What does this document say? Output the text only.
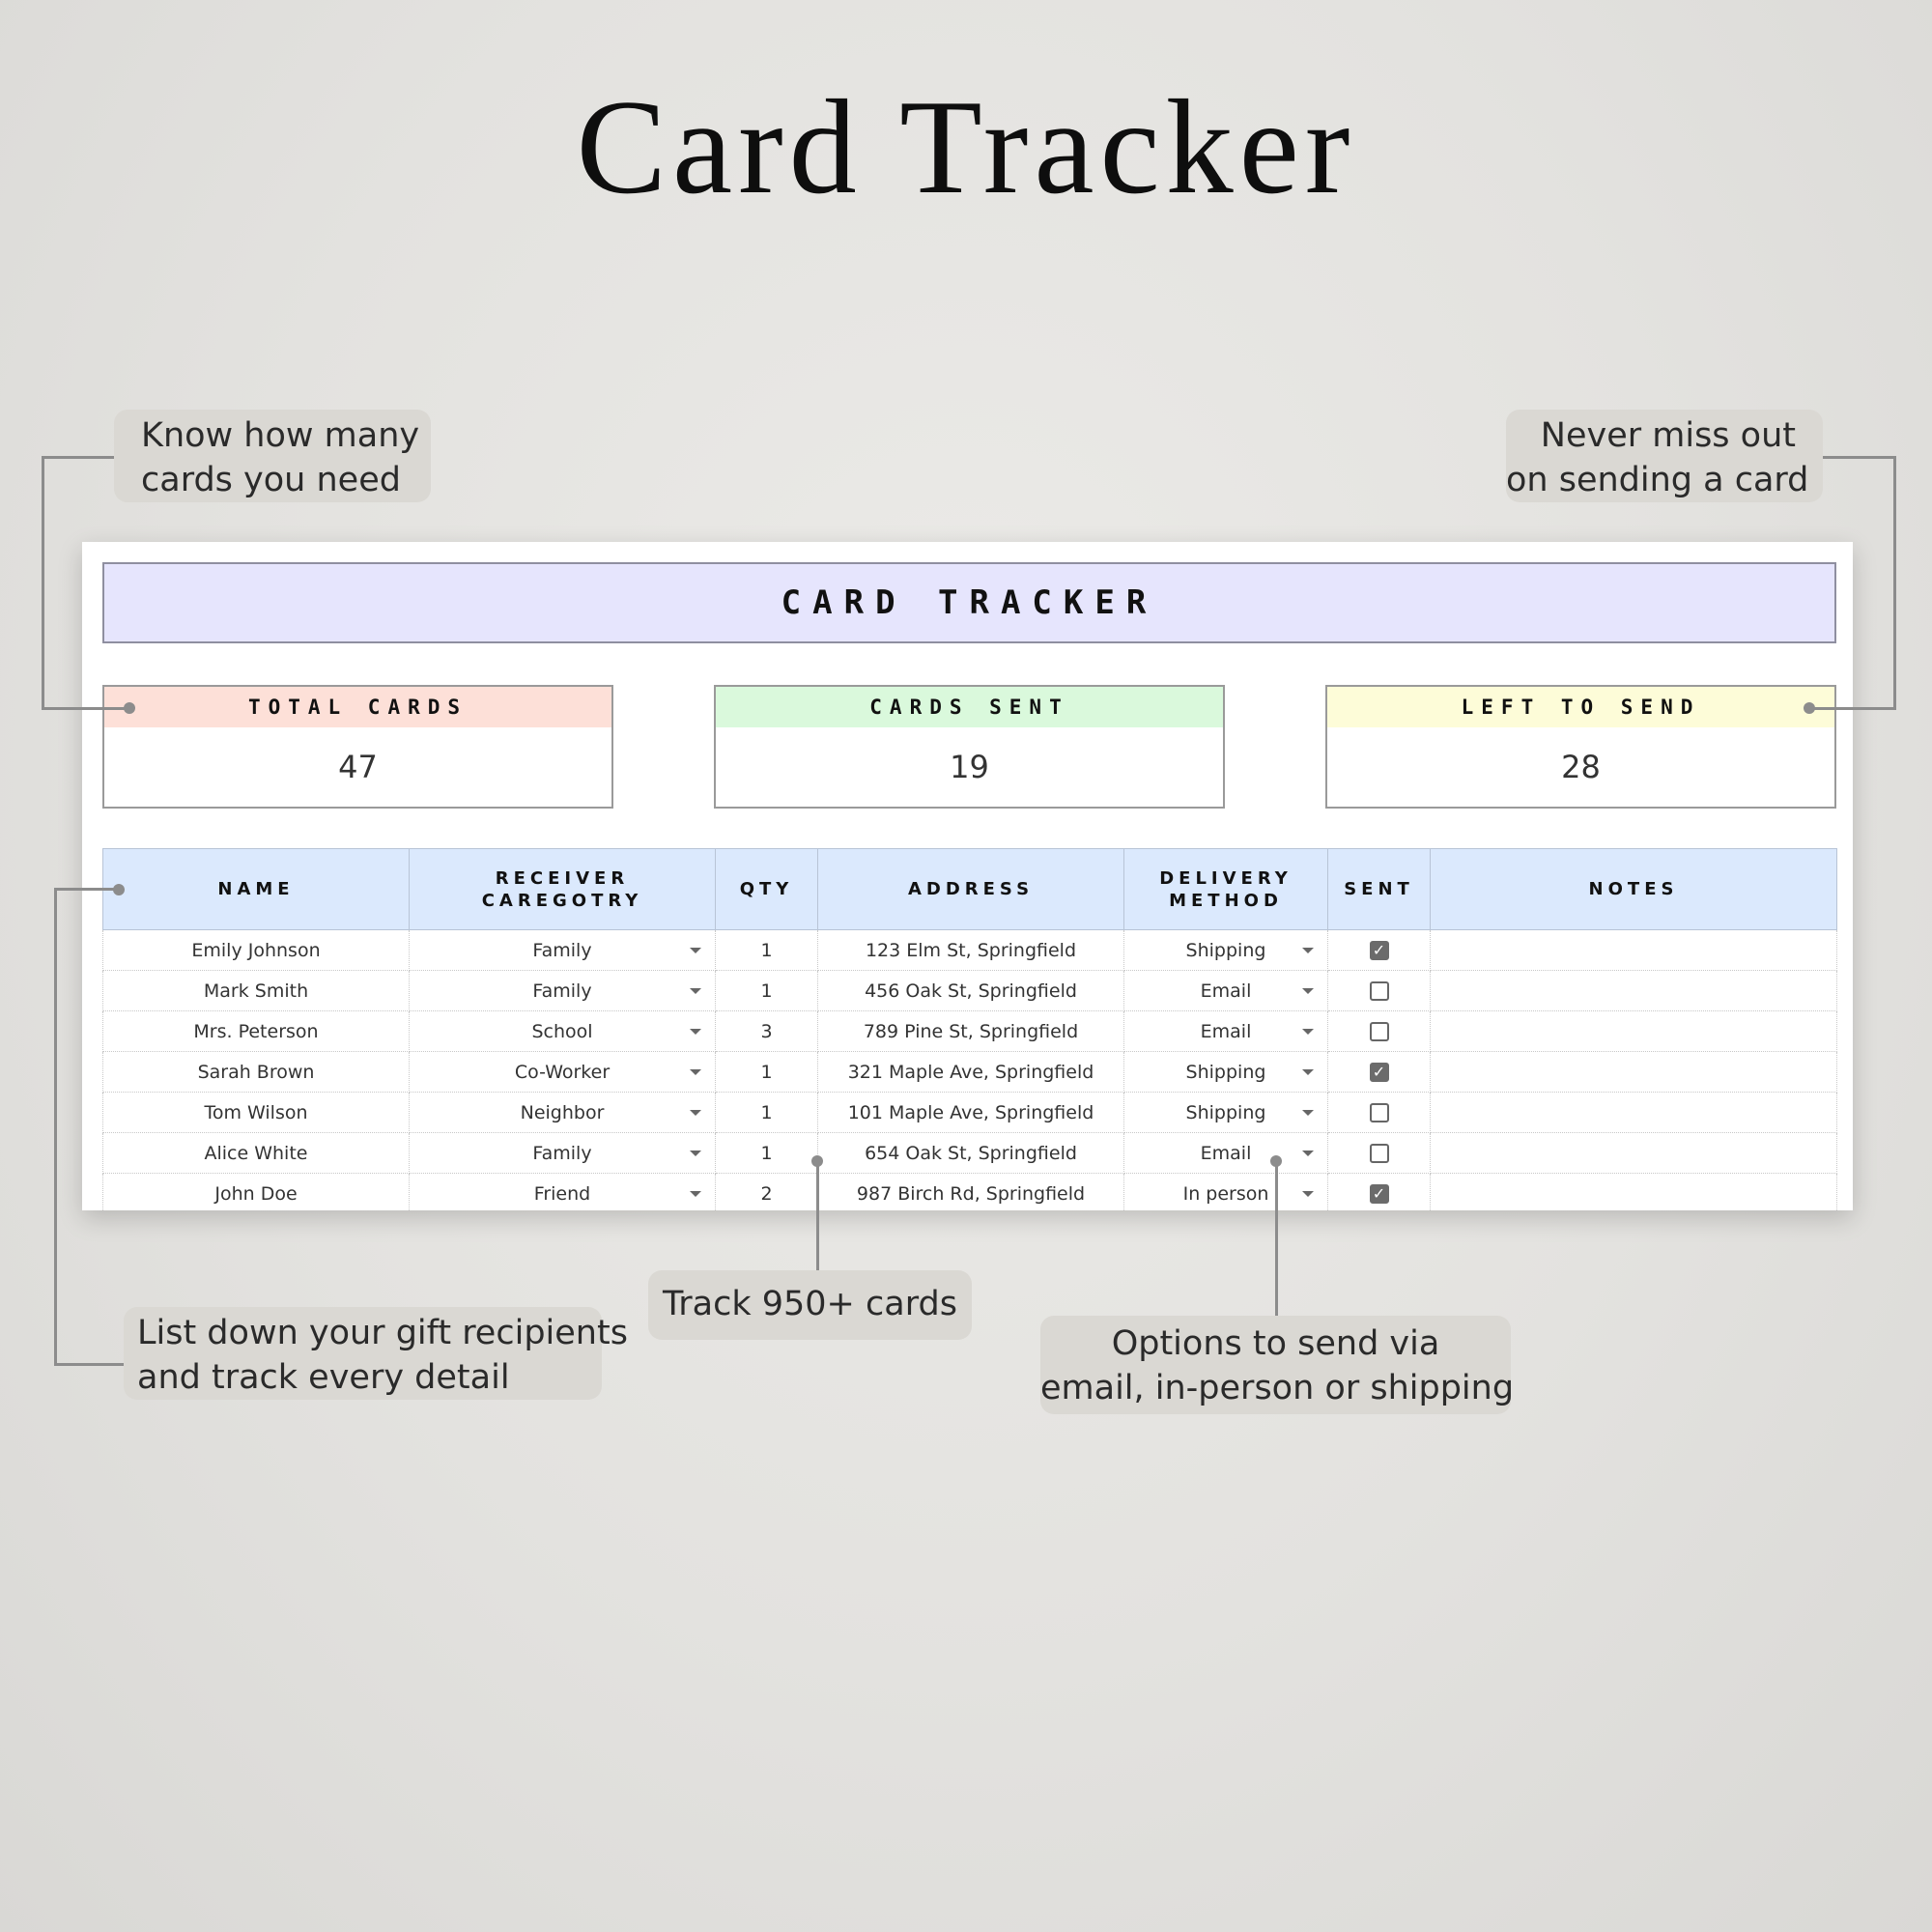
Card Tracker
Know how many
cards you need
Never miss out
on sending a card
List down your gift recipients
and track every detail
Track 950+ cards
Options to send via
email, in-person or shipping
CARD TRACKER
TOTAL CARDS
47
CARDS SENT
19
LEFT TO SEND
28
NAME	RECEIVER CAREGOTRY	QTY	ADDRESS	DELIVERY METHOD	SENT	NOTES
Emily Johnson	Family	1	123 Elm St, Springfield	Shipping	✓	
Mark Smith	Family	1	456 Oak St, Springfield	Email

Mrs. Peterson	School	3	789 Pine St, Springfield	Email

Sarah Brown	Co-Worker	1	321 Maple Ave, Springfield	Shipping	✓	
Tom Wilson	Neighbor	1	101 Maple Ave, Springfield	Shipping

Alice White	Family	1	654 Oak St, Springfield	Email

John Doe	Friend	2	987 Birch Rd, Springfield	In person	✓	
